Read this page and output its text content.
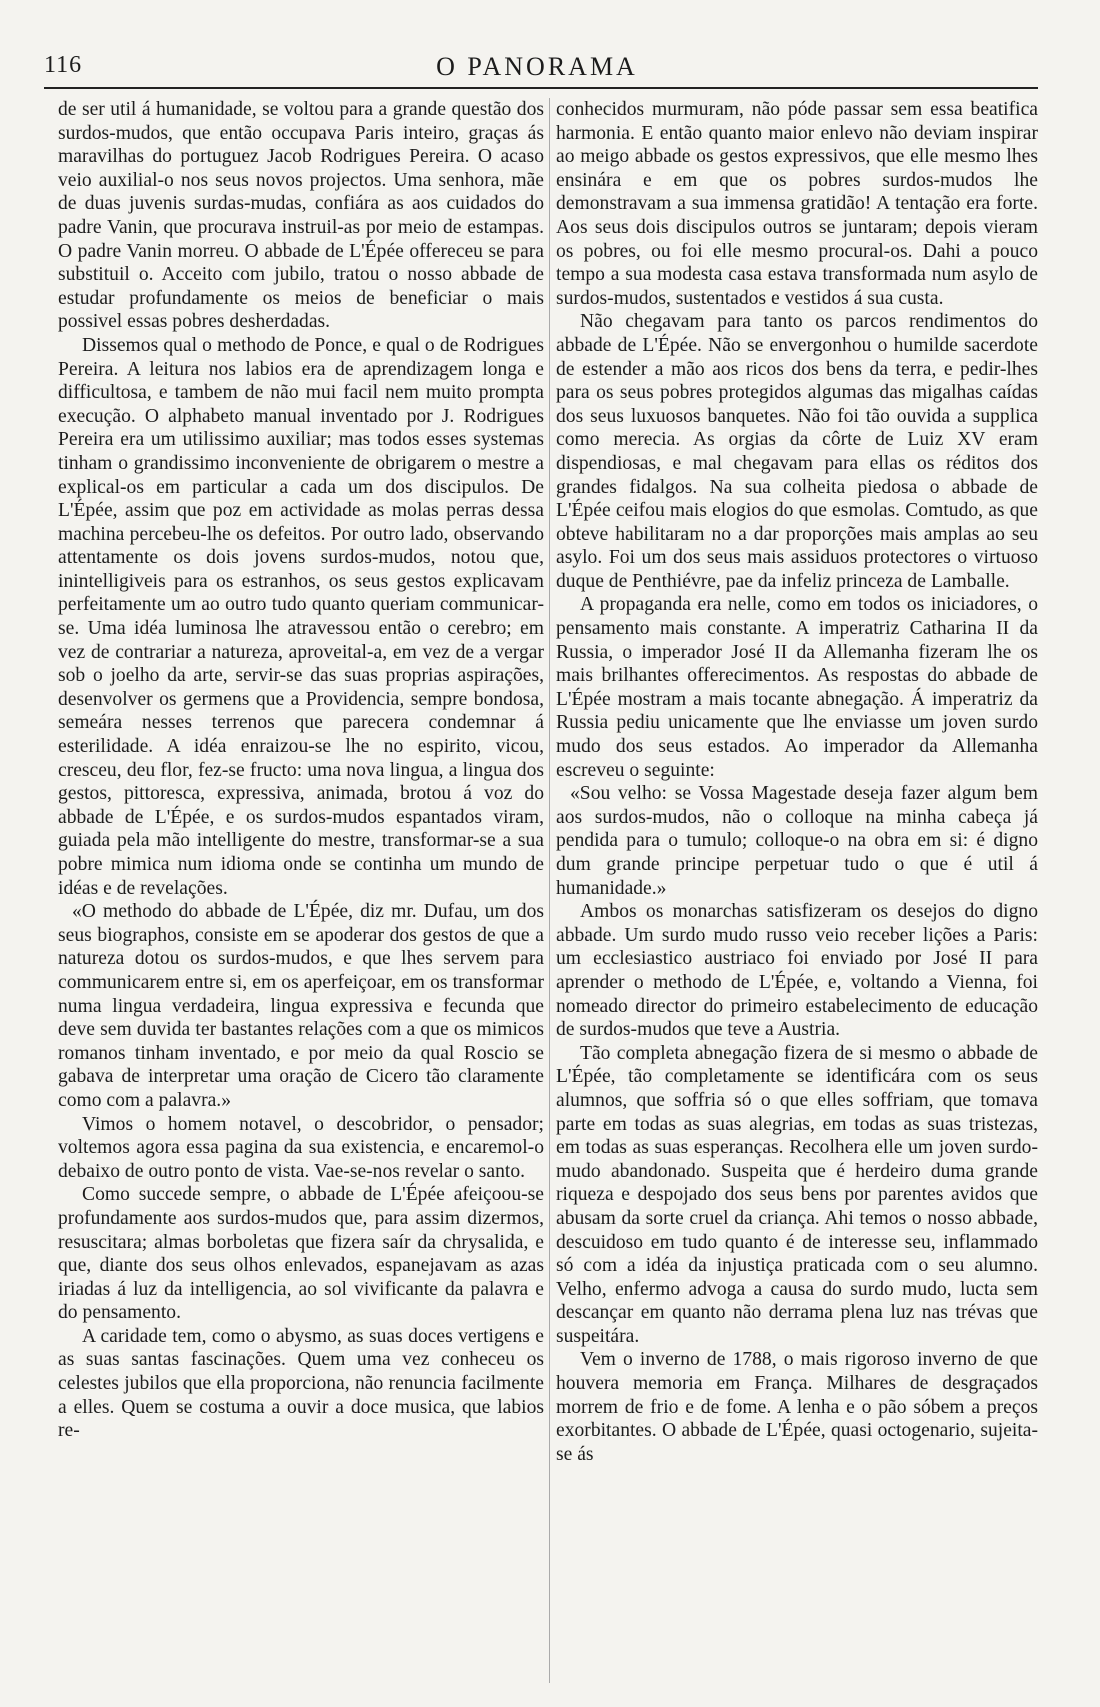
116	O PANORAMA

de ser util á humanidade, se voltou para a grande questão dos surdos-mudos, que então occupava Paris inteiro, graças ás maravilhas do portuguez Jacob Rodrigues Pereira. O acaso veio auxilial-o nos seus novos projectos. Uma senhora, mãe de duas juvenis surdas-mudas, confiára as aos cuidados do padre Vanin, que procurava instruil-as por meio de estampas. O padre Vanin morreu. O abbade de L'Épée offereceu se para substituil o. Acceito com jubilo, tratou o nosso abbade de estudar profundamente os meios de beneficiar o mais possivel essas pobres desherdadas.

Dissemos qual o methodo de Ponce, e qual o de Rodrigues Pereira. A leitura nos labios era de aprendizagem longa e difficultosa, e tambem de não mui facil nem muito prompta execução. O alphabeto manual inventado por J. Rodrigues Pereira era um utilissimo auxiliar; mas todos esses systemas tinham o grandissimo inconveniente de obrigarem o mestre a explical-os em particular a cada um dos discipulos. De L'Épée, assim que poz em actividade as molas perras dessa machina percebeu-lhe os defeitos. Por outro lado, observando attentamente os dois jovens surdos-mudos, notou que, inintelligiveis para os estranhos, os seus gestos explicavam perfeitamente um ao outro tudo quanto queriam communicar-se. Uma idéa luminosa lhe atravessou então o cerebro; em vez de contrariar a natureza, aproveital-a, em vez de a vergar sob o joelho da arte, servir-se das suas proprias aspirações, desenvolver os germens que a Providencia, sempre bondosa, semeára nesses terrenos que parecera condemnar á esterilidade. A idéa enraizou-se lhe no espirito, vicou, cresceu, deu flor, fez-se fructo: uma nova lingua, a lingua dos gestos, pittoresca, expressiva, animada, brotou á voz do abbade de L'Épée, e os surdos-mudos espantados viram, guiada pela mão intelligente do mestre, transformar-se a sua pobre mimica num idioma onde se continha um mundo de idéas e de revelações.

«O methodo do abbade de L'Épée, diz mr. Dufau, um dos seus biographos, consiste em se apoderar dos gestos de que a natureza dotou os surdos-mudos, e que lhes servem para communicarem entre si, em os aperfeiçoar, em os transformar numa lingua verdadeira, lingua expressiva e fecunda que deve sem duvida ter bastantes relações com a que os mimicos romanos tinham inventado, e por meio da qual Roscio se gabava de interpretar uma oração de Cicero tão claramente como com a palavra.»

Vimos o homem notavel, o descobridor, o pensador; voltemos agora essa pagina da sua existencia, e encaremol-o debaixo de outro ponto de vista. Vae-se-nos revelar o santo.

Como succede sempre, o abbade de L'Épée afeiçoou-se profundamente aos surdos-mudos que, para assim dizermos, resuscitara; almas borboletas que fizera saír da chrysalida, e que, diante dos seus olhos enlevados, espanejavam as azas iriadas á luz da intelligencia, ao sol vivificante da palavra e do pensamento.

A caridade tem, como o abysmo, as suas doces vertigens e as suas santas fascinações. Quem uma vez conheceu os celestes jubilos que ella proporciona, não renuncia facilmente a elles. Quem se costuma a ouvir a doce musica, que labios re-

conhecidos murmuram, não póde passar sem essa beatifica harmonia. E então quanto maior enlevo não deviam inspirar ao meigo abbade os gestos expressivos, que elle mesmo lhes ensinára e em que os pobres surdos-mudos lhe demonstravam a sua immensa gratidão! A tentação era forte. Aos seus dois discipulos outros se juntaram; depois vieram os pobres, ou foi elle mesmo procural-os. Dahi a pouco tempo a sua modesta casa estava transformada num asylo de surdos-mudos, sustentados e vestidos á sua custa.

Não chegavam para tanto os parcos rendimentos do abbade de L'Épée. Não se envergonhou o humilde sacerdote de estender a mão aos ricos dos bens da terra, e pedir-lhes para os seus pobres protegidos algumas das migalhas caídas dos seus luxuosos banquetes. Não foi tão ouvida a supplica como merecia. As orgias da côrte de Luiz XV eram dispendiosas, e mal chegavam para ellas os réditos dos grandes fidalgos. Na sua colheita piedosa o abbade de L'Épée ceifou mais elogios do que esmolas. Comtudo, as que obteve habilitaram no a dar proporções mais amplas ao seu asylo. Foi um dos seus mais assiduos protectores o virtuoso duque de Penthiévre, pae da infeliz princeza de Lamballe.

A propaganda era nelle, como em todos os iniciadores, o pensamento mais constante. A imperatriz Catharina II da Russia, o imperador José II da Allemanha fizeram lhe os mais brilhantes offerecimentos. As respostas do abbade de L'Épée mostram a mais tocante abnegação. Á imperatriz da Russia pediu unicamente que lhe enviasse um joven surdo mudo dos seus estados. Ao imperador da Allemanha escreveu o seguinte:

«Sou velho: se Vossa Magestade deseja fazer algum bem aos surdos-mudos, não o colloque na minha cabeça já pendida para o tumulo; colloque-o na obra em si: é digno dum grande principe perpetuar tudo o que é util á humanidade.»

Ambos os monarchas satisfizeram os desejos do digno abbade. Um surdo mudo russo veio receber lições a Paris: um ecclesiastico austriaco foi enviado por José II para aprender o methodo de L'Épée, e, voltando a Vienna, foi nomeado director do primeiro estabelecimento de educação de surdos-mudos que teve a Austria.

Tão completa abnegação fizera de si mesmo o abbade de L'Épée, tão completamente se identificára com os seus alumnos, que soffria só o que elles soffriam, que tomava parte em todas as suas alegrias, em todas as suas tristezas, em todas as suas esperanças. Recolhera elle um joven surdo-mudo abandonado. Suspeita que é herdeiro duma grande riqueza e despojado dos seus bens por parentes avidos que abusam da sorte cruel da criança. Ahi temos o nosso abbade, descuidoso em tudo quanto é de interesse seu, inflammado só com a idéa da injustiça praticada com o seu alumno. Velho, enfermo advoga a causa do surdo mudo, lucta sem descançar em quanto não derrama plena luz nas trévas que suspeitára.

Vem o inverno de 1788, o mais rigoroso inverno de que houvera memoria em França. Milhares de desgraçados morrem de frio e de fome. A lenha e o pão sóbem a preços exorbitantes. O abbade de L'Épée, quasi octogenario, sujeita-se ás
